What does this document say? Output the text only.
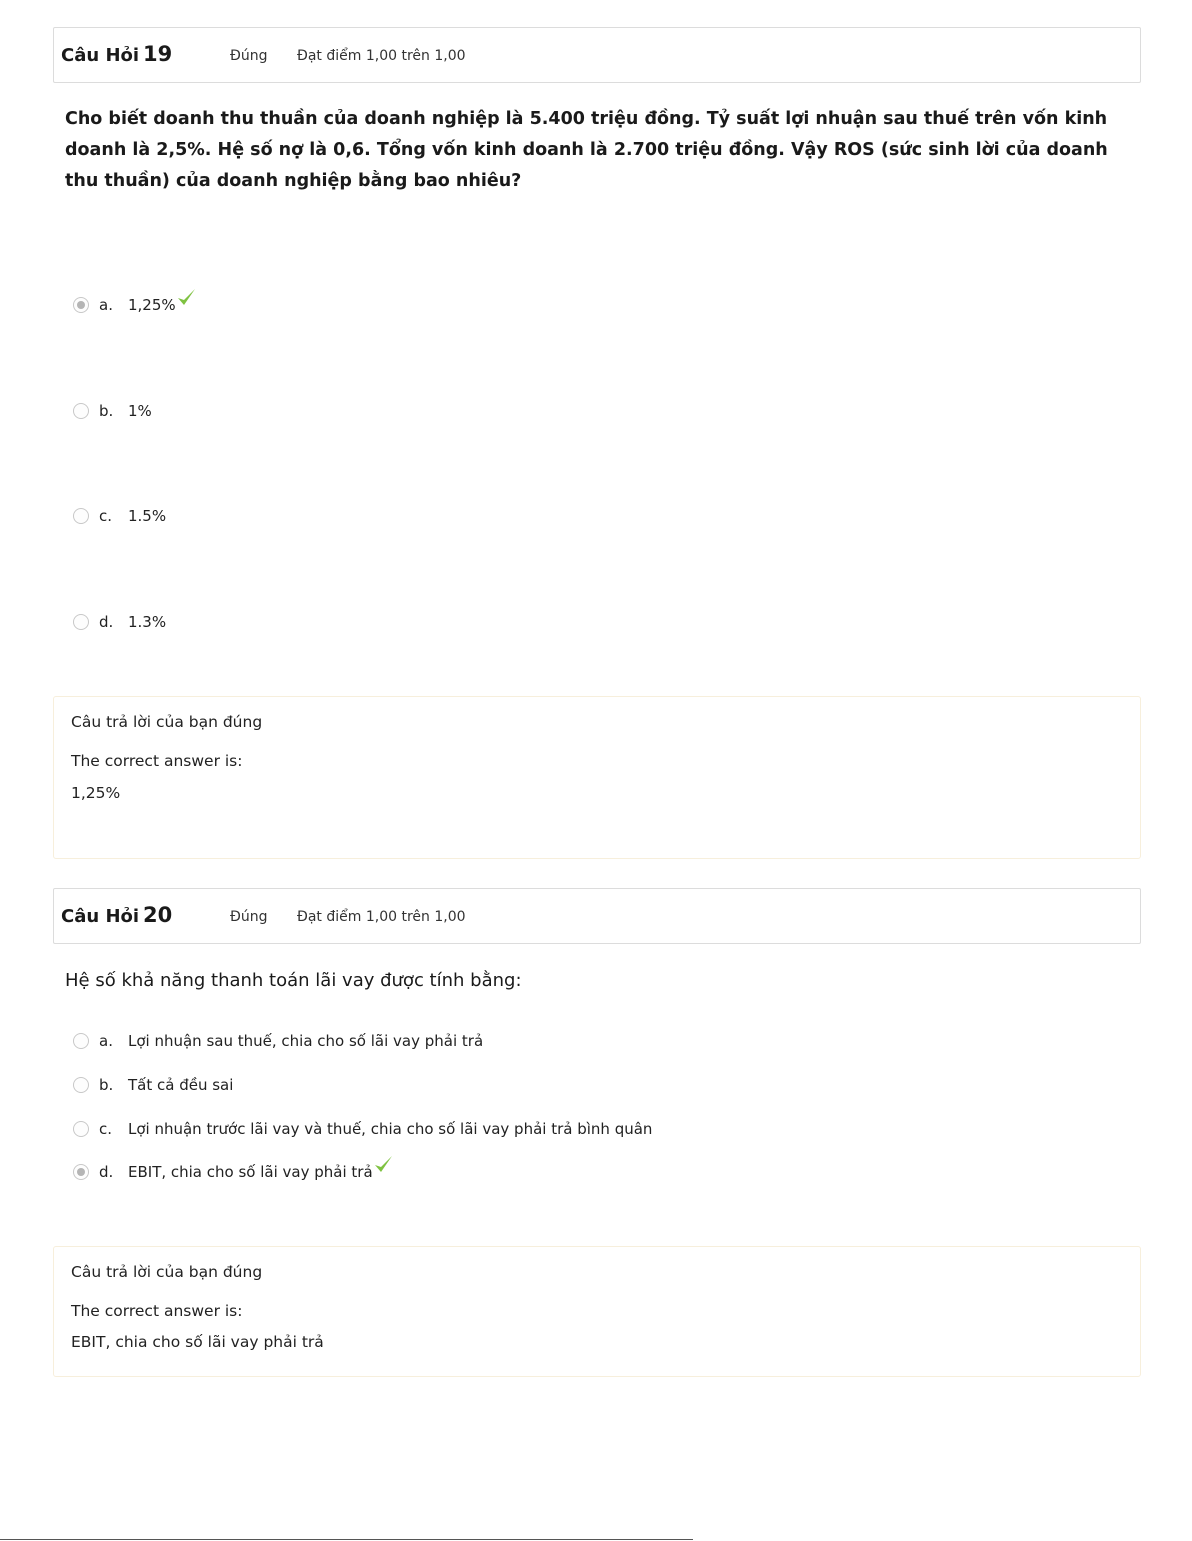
Câu Hỏi 19	Đúng Đạt điểm 1,00 trên 1,00
Cho biết doanh thu thuần của doanh nghiệp là 5.400 triệu đồng. Tỷ suất lợi nhuận sau thuế trên vốn kinh doanh là 2,5%. Hệ số nợ là 0,6. Tổng vốn kinh doanh là 2.700 triệu đồng. Vậy ROS (sức sinh lời của doanh thu thuần) của doanh nghiệp bằng bao nhiêu?
a.	1,25%
b. 1%
c.	1.5%
d. 1.3%
Câu trả lời của bạn đúng
The correct answer is:
1,25%
Câu Hỏi 20	Đúng Đạt điểm 1,00 trên 1,00
Hệ số khả năng thanh toán lãi vay được tính bằng:
a.	Lợi nhuận sau thuế, chia cho số lãi vay phải trả
b. Tất cả đều sai
c.	Lợi nhuận trước lãi vay và thuế, chia cho số lãi vay phải trả bình quân
d. EBIT, chia cho số lãi vay phải trả
Câu trả lời của bạn đúng
The correct answer is:
EBIT, chia cho số lãi vay phải trả
